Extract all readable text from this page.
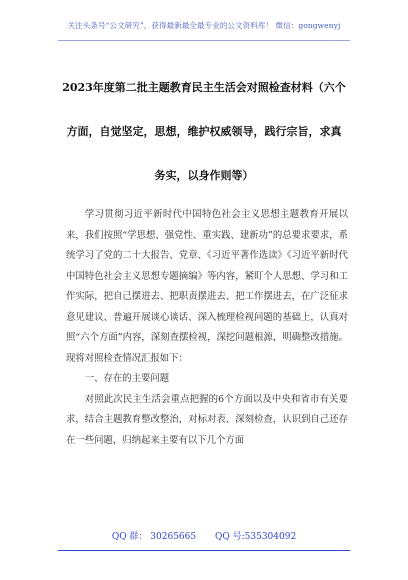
关注头条号“公文研究”，获得最新最全最专业的公文资料库！ 微信：gongwenyj
2023年度第二批主题教育民主生活会对照检查材料（六个
方面，自觉坚定，思想，维护权威领导，践行宗旨，求真
务实，以身作则等）

学习贯彻习近平新时代中国特色社会主义思想主题教育开展以来，我们按照“学思想、强党性、重实践、建新功”的总要求要求，系统学习了党的二十大报告、党章、《习近平著作选读》《习近平新时代中国特色社会主义思想专题摘编》等内容，紧盯个人思想、学习和工作实际，把自己摆进去、把职责摆进去、把工作摆进去，在广泛征求意见建议、普遍开展谈心谈话、深入梳理检视问题的基础上，认真对照“六个方面”内容，深刻查摆检视，深挖问题根源，明确整改措施。现将对照检查情况汇报如下：

一、存在的主要问题

对照此次民主生活会重点把握的6个方面以及中央和省市有关要求，结合主题教育整改整治，对标对表、深刻检查，认识到自己还存在一些问题，归纳起来主要有以下几个方面

QQ 群： 30265665 QQ 号:535304092
